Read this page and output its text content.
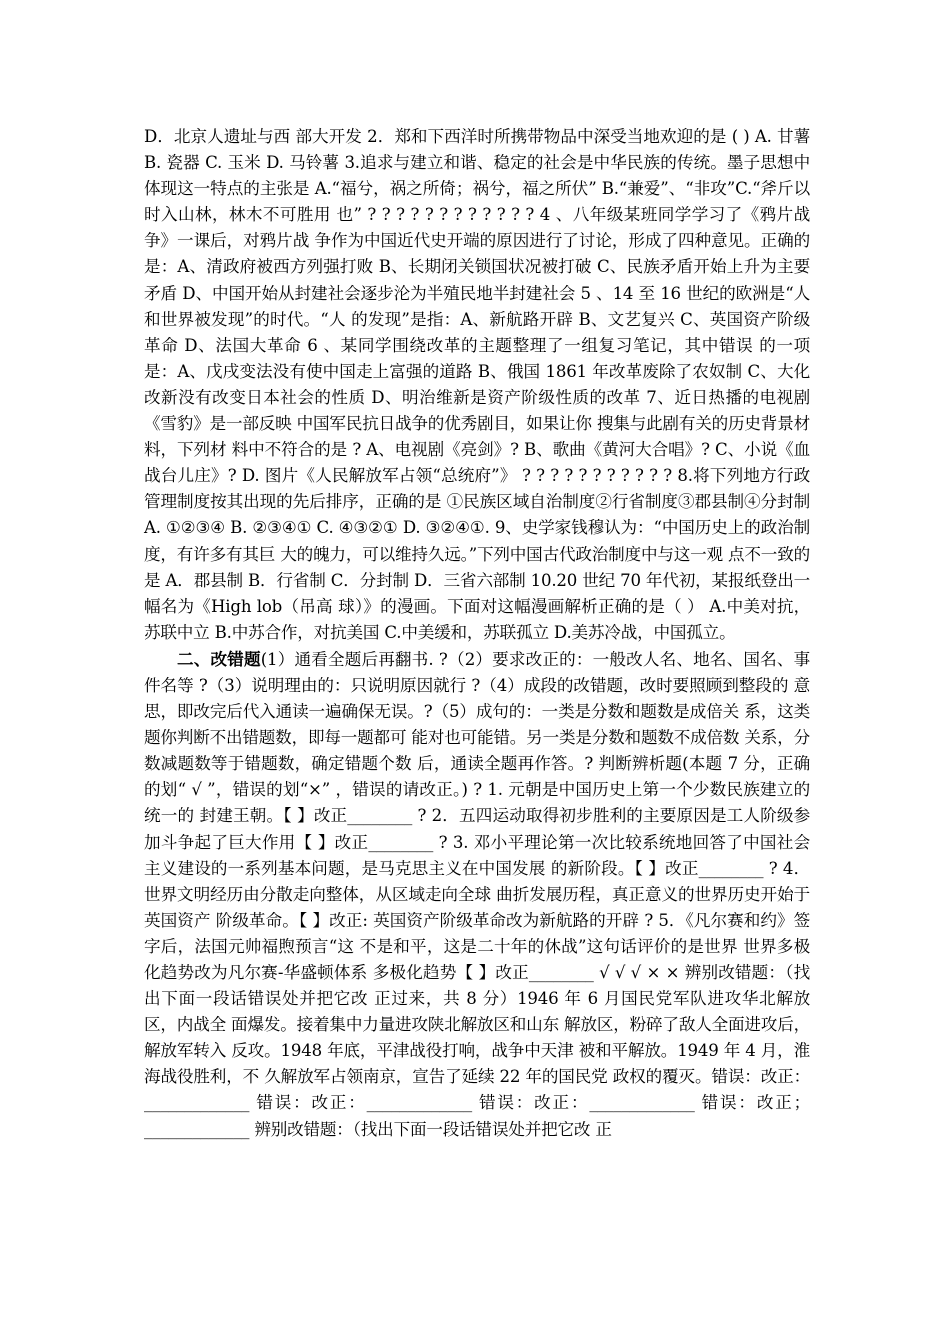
D．北京人遗址与西 部大开发 2．郑和下西洋时所携带物品中深受当地欢迎的是 ( ) A. 甘薯 B. 瓷器 C. 玉米 D. 马铃薯 3.追求与建立和谐、稳定的社会是中华民族的传统。墨子思想中体现这一特点的主张是 A.“福兮，祸之所倚；祸兮，福之所伏” B.“兼爱”、“非攻”C.“斧斤以时入山林，林木不可胜用 也” ? ? ? ? ? ? ? ? ? ? ? ? 4 、八年级某班同学学习了《鸦片战争》一课后，对鸦片战 争作为中国近代史开端的原因进行了讨论，形成了四种意见。正确的是：A、清政府被西方列强打败 B、长期闭关锁国状况被打破 C、民族矛盾开始上升为主要矛盾 D、中国开始从封建社会逐步沦为半殖民地半封建社会 5 、14 至 16 世纪的欧洲是“人和世界被发现”的时代。“人 的发现”是指：A、新航路开辟 B、文艺复兴 C、英国资产阶级革命 D、法国大革命 6 、某同学围绕改革的主题整理了一组复习笔记，其中错误 的一项是：A、戊戌变法没有使中国走上富强的道路 B、俄国 1861 年改革废除了农奴制 C、大化改新没有改变日本社会的性质 D、明治维新是资产阶级性质的改革 7、近日热播的电视剧《雪豹》是一部反映 中国军民抗日战争的优秀剧目，如果让你 搜集与此剧有关的历史背景材料，下列材 料中不符合的是 ? A、电视剧《亮剑》? B、歌曲《黄河大合唱》? C、小说《血战台儿庄》? D. 图片《人民解放军占领“总统府”》 ? ? ? ? ? ? ? ? ? ? ? 8.将下列地方行政管理制度按其出现的先后排序，正确的是 ①民族区域自治制度②行省制度③郡县制④分封制 A. ①②③④ B. ②③④① C. ④③②① D. ③②④①. 9、史学家钱穆认为：“中国历史上的政治制度，有许多有其巨 大的魄力，可以维持久远。”下列中国古代政治制度中与这一观 点不一致的是 A．郡县制 B．行省制 C．分封制 D．三省六部制 10.20 世纪 70 年代初，某报纸登出一幅名为《High lob（吊高 球）》的漫画。下面对这幅漫画解析正确的是（ ） A.中美对抗，苏联中立 B.中苏合作，对抗美国 C.中美缓和，苏联孤立 D.美苏冷战，中国孤立。

二、改错题(1）通看全题后再翻书. ?（2）要求改正的：一般改人名、地名、国名、事件名等 ?（3）说明理由的：只说明原因就行 ?（4）成段的改错题，改时要照顾到整段的 意思，即改完后代入通读一遍确保无误。?（5）成句的：一类是分数和题数是成倍关 系，这类题你判断不出错题数，即每一题都可 能对也可能错。另一类是分数和题数不成倍数 关系，分数减题数等于错题数，确定错题个数 后，通读全题再作答。? 判断辨析题(本题 7 分，正确的划“ √ ”，错误的划“×” ，错误的请改正。) ? 1. 元朝是中国历史上第一个少数民族建立的统一的 封建王朝。【 】改正________ ? 2．五四运动取得初步胜利的主要原因是工人阶级参 加斗争起了巨大作用【 】改正________ ? 3. 邓小平理论第一次比较系统地回答了中国社会主义建设的一系列基本问题，是马克思主义在中国发展 的新阶段。【 】改正________ ? 4．世界文明经历由分散走向整体，从区域走向全球 曲折发展历程，真正意义的世界历史开始于英国资产 阶级革命。【 】改正: 英国资产阶级革命改为新航路的开辟 ? 5．《凡尔赛和约》签字后，法国元帅福煦预言“这 不是和平，这是二十年的休战”这句话评价的是世界 世界多极化趋势改为凡尔赛-华盛顿体系 多极化趋势【 】改正________ √ √ √ × × 辨别改错题：（找出下面一段话错误处并把它改 正过来，共 8 分）1946 年 6 月国民党军队进攻华北解放区，内战全 面爆发。接着集中力量进攻陕北解放区和山东 解放区，粉碎了敌人全面进攻后，解放军转入 反攻。1948 年底，平津战役打响，战争中天津 被和平解放。1949 年 4 月，淮海战役胜利，不 久解放军占领南京，宣告了延续 22 年的国民党 政权的覆灭。错误：改正：_____________ 错误：改正：_____________ 错误：改正：_____________ 错误：改正；_____________ 辨别改错题：（找出下面一段话错误处并把它改 正
